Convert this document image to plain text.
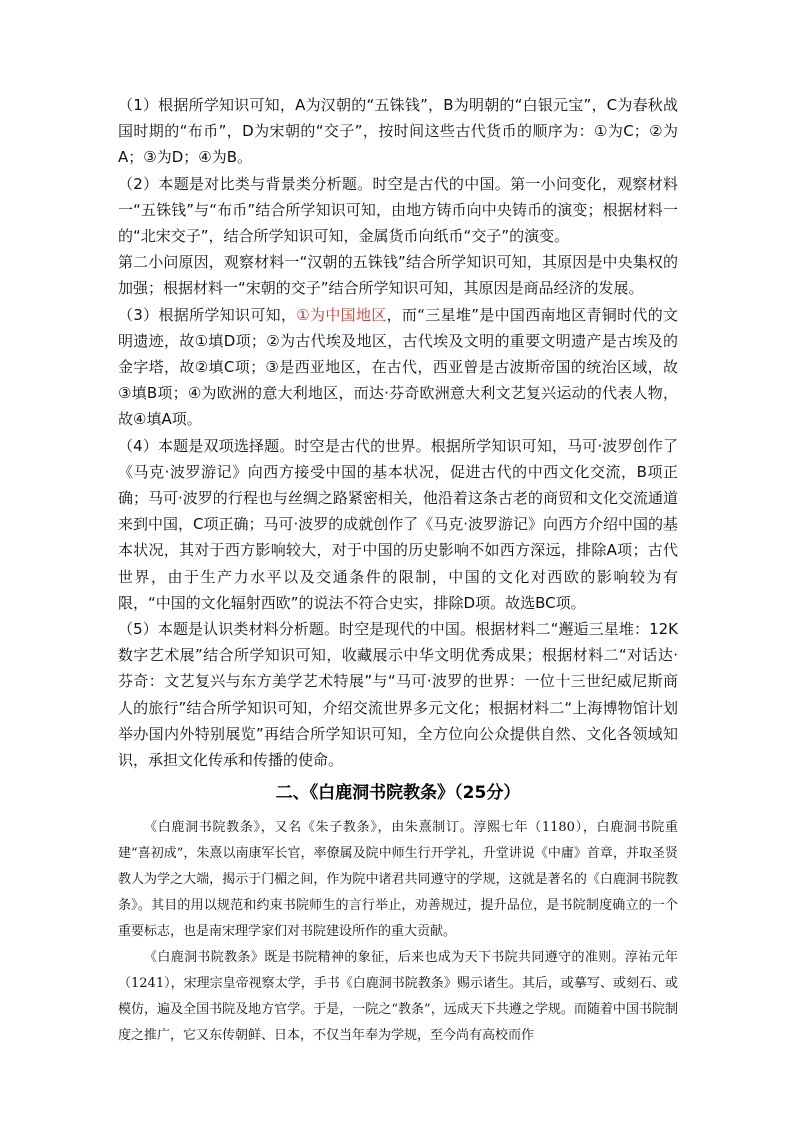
（1）根据所学知识可知，A为汉朝的“五铢钱”，B为明朝的“白银元宝”，C为春秋战国时期的“布币”，D为宋朝的“交子”，按时间这些古代货币的顺序为：①为C；②为A；③为D；④为B。

（2）本题是对比类与背景类分析题。时空是古代的中国。第一小问变化，观察材料一“五铢钱”与“布币”结合所学知识可知，由地方铸币向中央铸币的演变；根据材料一的“北宋交子”，结合所学知识可知，金属货币向纸币“交子”的演变。

第二小问原因，观察材料一“汉朝的五铢钱”结合所学知识可知，其原因是中央集权的加强；根据材料一“宋朝的交子”结合所学知识可知，其原因是商品经济的发展。

（3）根据所学知识可知，①为中国地区，而“三星堆”是中国西南地区青铜时代的文明遗迹，故①填D项；②为古代埃及地区，古代埃及文明的重要文明遗产是古埃及的金字塔，故②填C项；③是西亚地区，在古代，西亚曾是古波斯帝国的统治区域，故③填B项；④为欧洲的意大利地区，而达·芬奇欧洲意大利文艺复兴运动的代表人物，故④填A项。

（4）本题是双项选择题。时空是古代的世界。根据所学知识可知，马可·波罗创作了《马克·波罗游记》向西方接受中国的基本状况，促进古代的中西文化交流，B项正确；马可·波罗的行程也与丝绸之路紧密相关，他沿着这条古老的商贸和文化交流通道来到中国，C项正确；马可·波罗的成就创作了《马克·波罗游记》向西方介绍中国的基本状况，其对于西方影响较大，对于中国的历史影响不如西方深远，排除A项；古代世界，由于生产力水平以及交通条件的限制，中国的文化对西欧的影响较为有限，“中国的文化辐射西欧”的说法不符合史实，排除D项。故选BC项。

（5）本题是认识类材料分析题。时空是现代的中国。根据材料二“邂逅三星堆：12K数字艺术展”结合所学知识可知，收藏展示中华文明优秀成果；根据材料二“对话达·芬奇：文艺复兴与东方美学艺术特展”与“马可·波罗的世界：一位十三世纪威尼斯商人的旅行”结合所学知识可知，介绍交流世界多元文化；根据材料二“上海博物馆计划举办国内外特别展览”再结合所学知识可知，全方位向公众提供自然、文化各领域知识，承担文化传承和传播的使命。

二、《白鹿洞书院教条》（25分）

《白鹿洞书院教条》，又名《朱子教条》，由朱熹制订。淳熙七年（1180），白鹿洞书院重建“喜初成”，朱熹以南康军长官，率僚属及院中师生行开学礼，升堂讲说《中庸》首章，并取圣贤教人为学之大端，揭示于门楣之间，作为院中诸君共同遵守的学规，这就是著名的《白鹿洞书院教条》。其目的用以规范和约束书院师生的言行举止，劝善规过，提升品位，是书院制度确立的一个重要标志，也是南宋理学家们对书院建设所作的重大贡献。

《白鹿洞书院教条》既是书院精神的象征，后来也成为天下书院共同遵守的准则。淳祐元年（1241），宋理宗皇帝视察太学，手书《白鹿洞书院教条》赐示诸生。其后，或摹写、或刻石、或模仿，遍及全国书院及地方官学。于是，一院之“教条”，远成天下共遵之学规。而随着中国书院制度之推广，它又东传朝鲜、日本，不仅当年奉为学规，至今尚有高校而作
